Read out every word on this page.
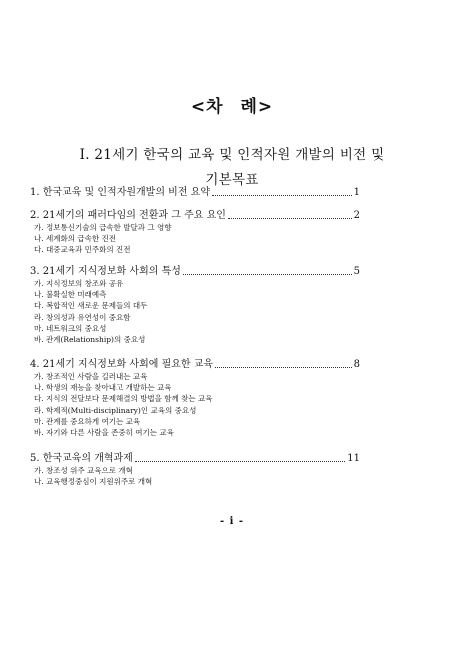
<차 례>
I. 21세기 한국의 교육 및 인적자원 개발의 비전 및
기본목표
1. 한국교육 및 인적자원개발의 비전 요약	1
2. 21세기의 패러다임의 전환과 그 주요 요인	2
가. 정보통신기술의 급속한 발달과 그 영향
나. 세계화의 급속한 진전
다. 대중교육과 민주화의 진전
3. 21세기 지식정보화 사회의 특성	5
가. 지식정보의 창조와 공유
나. 불확실한 미래예측
다. 복합적인 새로운 문제들의 대두
라. 창의성과 유연성이 중요함
마. 네트워크의 중요성
바. 관계(Relationship)의 중요성
4. 21세기 지식정보화 사회에 필요한 교육	8
가. 창조적인 사람을 길러내는 교육
나. 학생의 재능을 찾아내고 개발하는 교육
다. 지식의 전달보다 문제해결의 방법을 함께 찾는 교육
라. 학제적(Multi-disciplinary)인 교육의 중요성
마. 관계를 중요하게 여기는 교육
바. 자기와 다른 사람을 존중히 여기는 교육
5. 한국교육의 개혁과제	11
가. 창조성 위주 교육으로 개혁
나. 교육행정중심이 지원위주로 개혁
- i -
